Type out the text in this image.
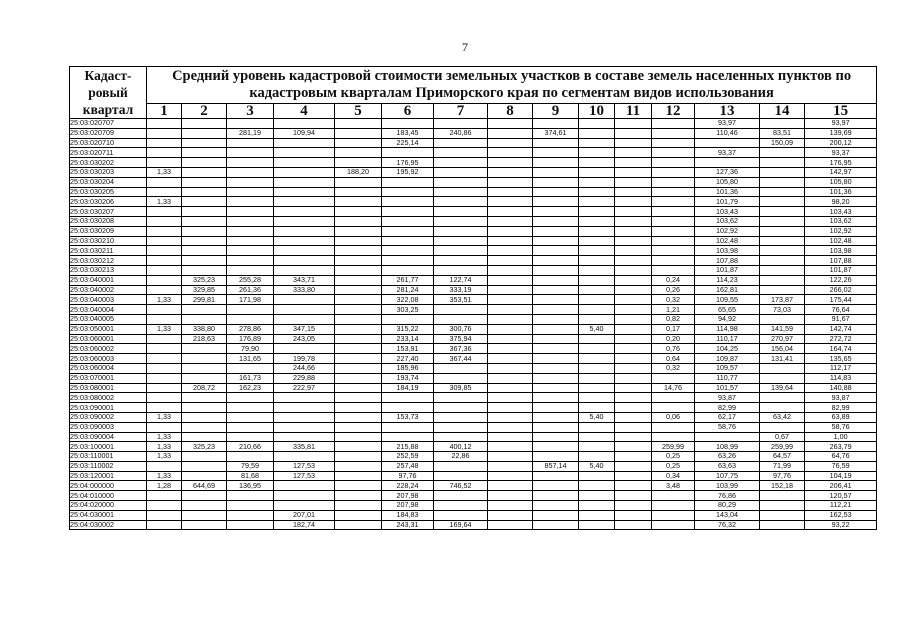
7
Кадаст-ровый квартал	Средний уровень кадастровой стоимости земельных участков в составе земель населенных пунктов по кадастровым кварталам Приморского края по сегментам видов использования														
	1	2	3	4	5	6	7	8	9	10	11	12	13	14	15
25:03:020707													93,97		93,97
25:03:020709			281,19	109,94		183,45	240,86		374,61				110,46	83,51	139,69
25:03:020710						225,14								150,09	200,12
25:03:020711													93,37		93,37
25:03:030202						176,95									176,95
25:03:030203	1,33				188,20	195,92							127,36		142,97
25:03:030204													105,80		105,80
25:03:030205													101,36		101,36
25:03:030206	1,33												101,79		98,20
25:03:030207													103,43		103,43
25:03:030208													103,62		103,62
25:03:030209													102,92		102,92
25:03:030210													102,48		102,48
25:03:030211													103,98		103,98
25:03:030212													107,88		107,88
25:03:030213													101,87		101,87
25:03:040001		325,23	255,28	343,71		261,77	122,74					0,24	114,23		122,26
25:03:040002		329,85	261,36	333,80		281,24	333,19					0,26	162,81		266,02
25:03:040003	1,33	299,81	171,98			322,08	353,51					0,32	109,55	173,87	175,44
25:03:040004						303,25						1,21	65,65	73,03	76,64
25:03:040005												0,82	94,92		91,67
25:03:050001	1,33	338,80	278,86	347,15		315,22	300,76			5,40		0,17	114,98	141,59	142,74
25:03:060001		218,63	176,89	243,05		233,14	375,94					0,20	110,17	270,97	272,72
25:03:060002			79,90			153,91	367,36					0,76	104,25	156,04	164,74
25:03:060003			131,65	199,78		227,40	367,44					0,64	109,87	131,41	135,65
25:03:060004				244,66		185,96						0,32	109,57		112,17
25:03:070001			161,73	229,88		193,74							110,77		114,83
25:03:080001		208,72	162,23	222,97		184,19	309,85					14,76	101,57	139,64	140,88
25:03:080002													93,87		93,87
25:03:090001													82,99		82,99
25:03:090002	1,33					153,73				5,40		0,06	62,17	63,42	63,89
25:03:090003													58,76		58,76
25:03:090004	1,33													0,67	1,00
25:03:100001	1,33	325,23	210,66	335,81		215,88	400,12					259,99	108,99	259,99	263,79
25:03:110001	1,33					252,59	22,86					0,25	63,26	64,57	64,76
25:03:110002			79,59	127,53		257,48			857,14	5,40		0,25	63,63	71,99	76,59
25:03:120001	1,33		81,68	127,53		97,76						0,34	107,75	97,76	104,19
25:04:000000	1,28	644,69	136,95			228,24	746,52					3,48	103,99	152,18	206,41
25:04:010000						207,98							76,86		120,57
25:04:020000						207,98							80,29		112,21
25:04:030001				207,01		184,83							143,04		162,53
25:04:030002				182,74		243,31	169,64						76,32		93,22
